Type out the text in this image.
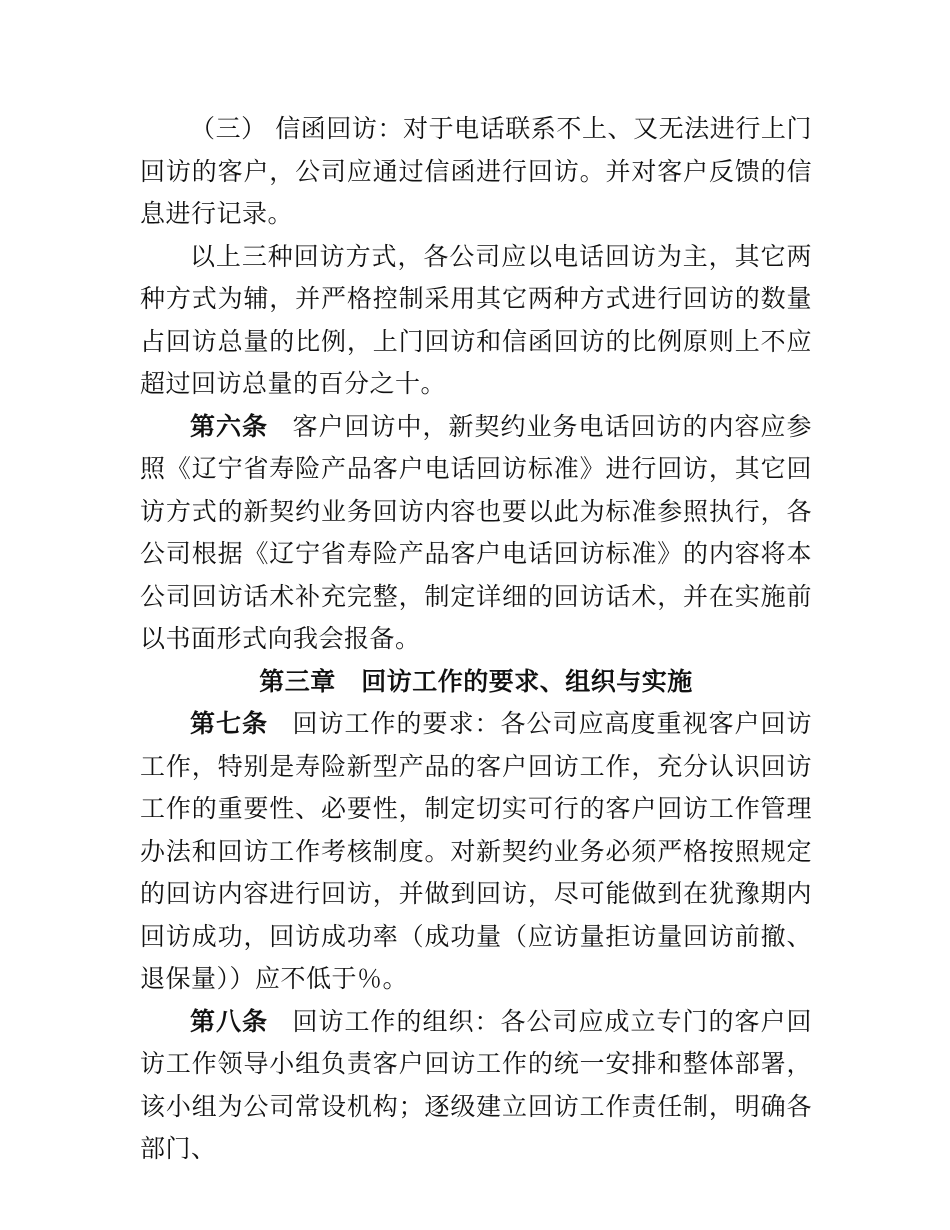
（三） 信函回访：对于电话联系不上、又无法进行上门回访的客户，公司应通过信函进行回访。并对客户反馈的信息进行记录。

以上三种回访方式，各公司应以电话回访为主，其它两种方式为辅，并严格控制采用其它两种方式进行回访的数量占回访总量的比例，上门回访和信函回访的比例原则上不应超过回访总量的百分之十。

第六条 客户回访中，新契约业务电话回访的内容应参照《辽宁省寿险产品客户电话回访标准》进行回访，其它回访方式的新契约业务回访内容也要以此为标准参照执行，各公司根据《辽宁省寿险产品客户电话回访标准》的内容将本公司回访话术补充完整，制定详细的回访话术，并在实施前以书面形式向我会报备。

第三章　回访工作的要求、组织与实施

第七条 回访工作的要求：各公司应高度重视客户回访工作，特别是寿险新型产品的客户回访工作，充分认识回访工作的重要性、必要性，制定切实可行的客户回访工作管理办法和回访工作考核制度。对新契约业务必须严格按照规定的回访内容进行回访，并做到回访，尽可能做到在犹豫期内回访成功，回访成功率（成功量（应访量拒访量回访前撤、退保量））应不低于％。

第八条 回访工作的组织：各公司应成立专门的客户回访工作领导小组负责客户回访工作的统一安排和整体部署，该小组为公司常设机构；逐级建立回访工作责任制，明确各部门、
